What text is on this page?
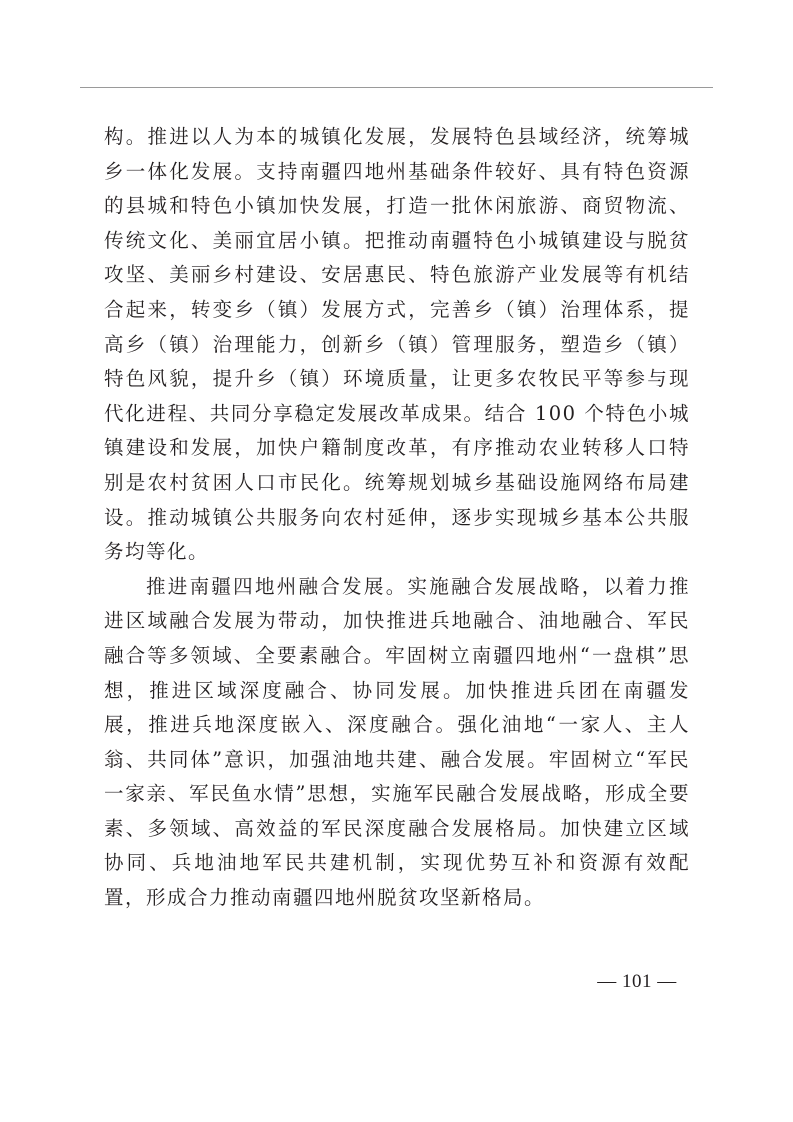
构。推进以人为本的城镇化发展，发展特色县域经济，统筹城乡一体化发展。支持南疆四地州基础条件较好、具有特色资源的县城和特色小镇加快发展，打造一批休闲旅游、商贸物流、传统文化、美丽宜居小镇。把推动南疆特色小城镇建设与脱贫攻坚、美丽乡村建设、安居惠民、特色旅游产业发展等有机结合起来，转变乡（镇）发展方式，完善乡（镇）治理体系，提高乡（镇）治理能力，创新乡（镇）管理服务，塑造乡（镇）特色风貌，提升乡（镇）环境质量，让更多农牧民平等参与现代化进程、共同分享稳定发展改革成果。结合 100 个特色小城镇建设和发展，加快户籍制度改革，有序推动农业转移人口特别是农村贫困人口市民化。统筹规划城乡基础设施网络布局建设。推动城镇公共服务向农村延伸，逐步实现城乡基本公共服务均等化。

推进南疆四地州融合发展。实施融合发展战略，以着力推进区域融合发展为带动，加快推进兵地融合、油地融合、军民融合等多领域、全要素融合。牢固树立南疆四地州“一盘棋”思想，推进区域深度融合、协同发展。加快推进兵团在南疆发展，推进兵地深度嵌入、深度融合。强化油地“一家人、主人翁、共同体”意识，加强油地共建、融合发展。牢固树立“军民一家亲、军民鱼水情”思想，实施军民融合发展战略，形成全要素、多领域、高效益的军民深度融合发展格局。加快建立区域协同、兵地油地军民共建机制，实现优势互补和资源有效配置，形成合力推动南疆四地州脱贫攻坚新格局。

— 101 —
